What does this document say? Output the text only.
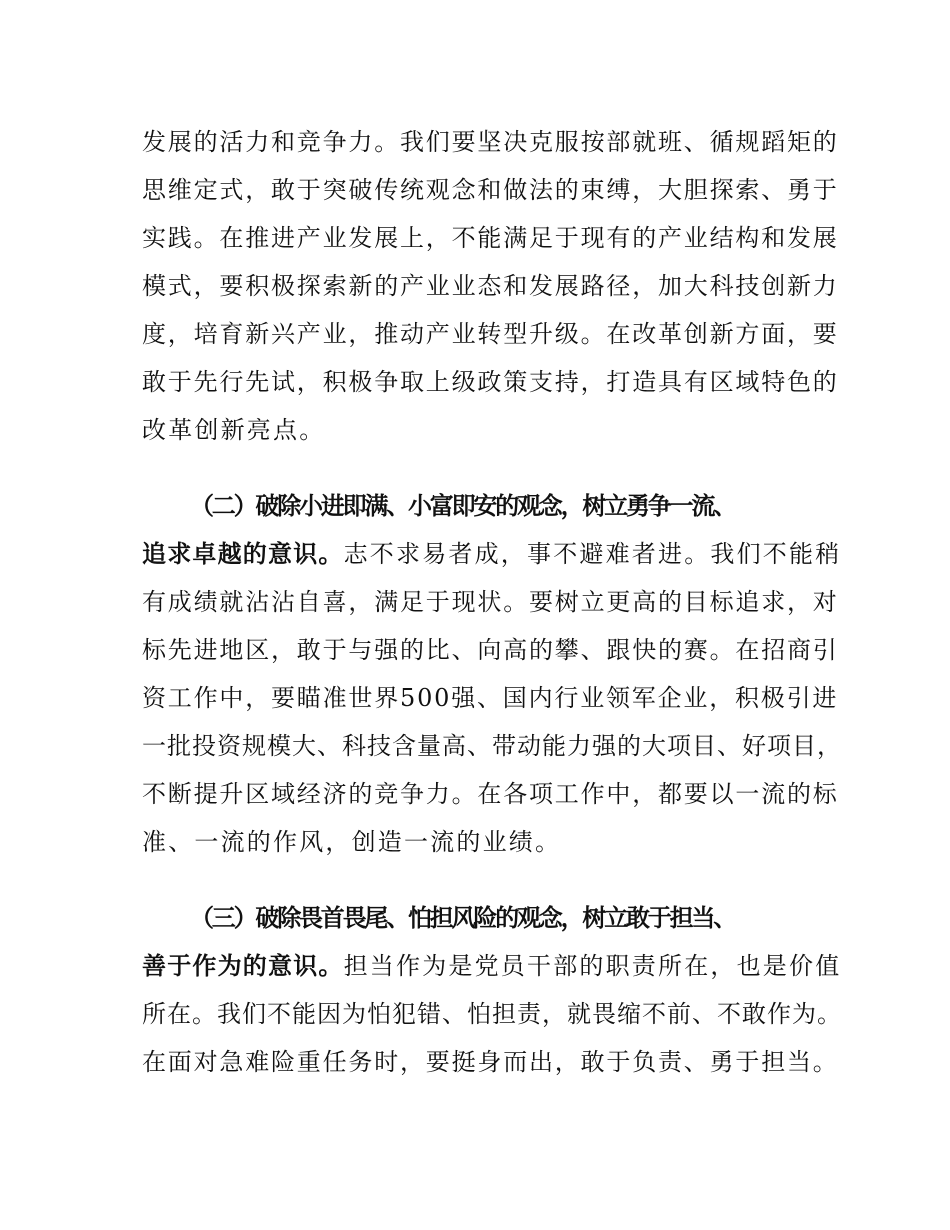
发展的活力和竞争力。我们要坚决克服按部就班、循规蹈矩的
思维定式，敢于突破传统观念和做法的束缚，大胆探索、勇于
实践。在推进产业发展上，不能满足于现有的产业结构和发展
模式，要积极探索新的产业业态和发展路径，加大科技创新力
度，培育新兴产业，推动产业转型升级。在改革创新方面，要
敢于先行先试，积极争取上级政策支持，打造具有区域特色的
改革创新亮点。
（二）破除小进即满、小富即安的观念，树立勇争一流、
追求卓越的意识。志不求易者成，事不避难者进。我们不能稍
有成绩就沾沾自喜，满足于现状。要树立更高的目标追求，对
标先进地区，敢于与强的比、向高的攀、跟快的赛。在招商引
资工作中，要瞄准世界500强、国内行业领军企业，积极引进
一批投资规模大、科技含量高、带动能力强的大项目、好项目，
不断提升区域经济的竞争力。在各项工作中，都要以一流的标
准、一流的作风，创造一流的业绩。
（三）破除畏首畏尾、怕担风险的观念，树立敢于担当、
善于作为的意识。担当作为是党员干部的职责所在，也是价值
所在。我们不能因为怕犯错、怕担责，就畏缩不前、不敢作为。
在面对急难险重任务时，要挺身而出，敢于负责、勇于担当。
